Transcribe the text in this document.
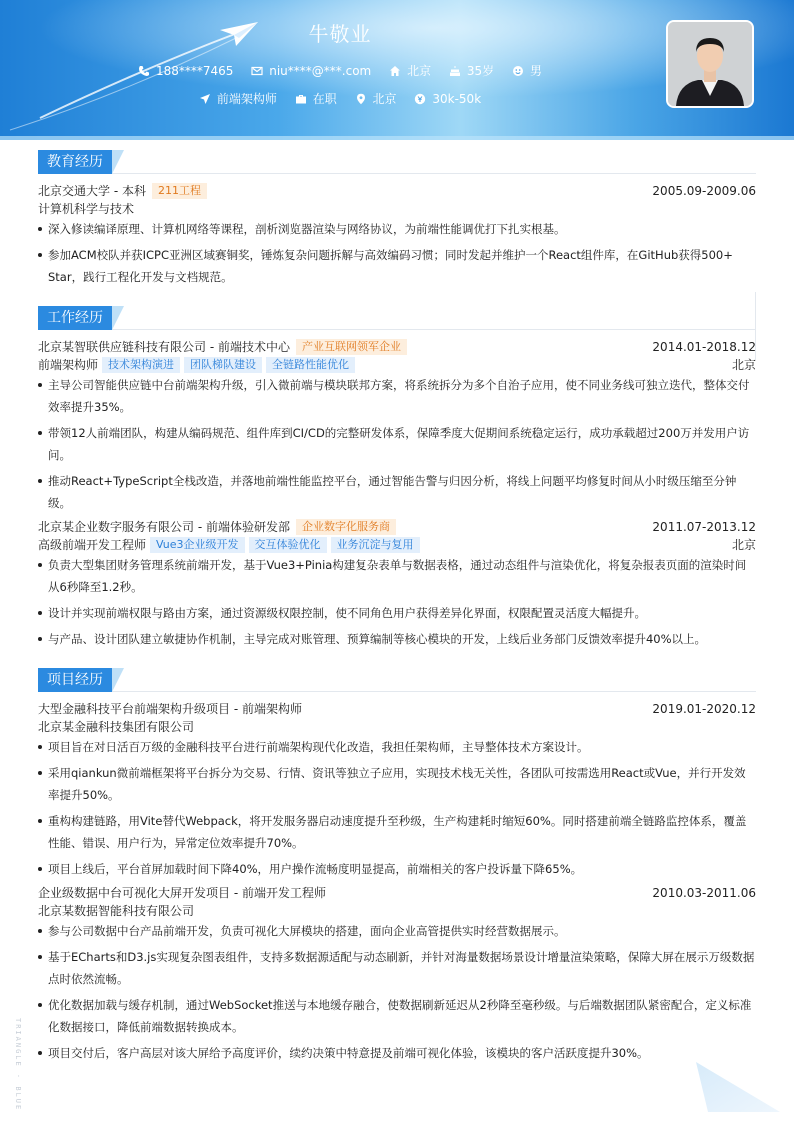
牛敬业
188****7465
	niu****@***.com
	北京
	35岁
	男
前端架构师
	在职
	北京
	30k-50k
教育经历
北京交通大学 - 本科 211工程	2005.09-2009.06
计算机科学与技术
深入修读编译原理、计算机网络等课程，剖析浏览器渲染与网络协议，为前端性能调优打下扎实根基。
参加ACM校队并获ICPC亚洲区域赛铜奖，锤炼复杂问题拆解与高效编码习惯；同时发起并维护一个React组件库，在GitHub获得500+ Star，践行工程化开发与文档规范。
工作经历
北京某智联供应链科技有限公司 - 前端技术中心 产业互联网领军企业	2014.01-2018.12
前端架构师 技术架构演进 团队梯队建设 全链路性能优化	北京
主导公司智能供应链中台前端架构升级，引入微前端与模块联邦方案，将系统拆分为多个自治子应用，使不同业务线可独立迭代，整体交付效率提升35%。
带领12人前端团队，构建从编码规范、组件库到CI/CD的完整研发体系，保障季度大促期间系统稳定运行，成功承载超过200万并发用户访问。
推动React+TypeScript全栈改造，并落地前端性能监控平台，通过智能告警与归因分析，将线上问题平均修复时间从小时级压缩至分钟级。
北京某企业数字服务有限公司 - 前端体验研发部 企业数字化服务商	2011.07-2013.12
高级前端开发工程师 Vue3企业级开发 交互体验优化 业务沉淀与复用	北京
负责大型集团财务管理系统前端开发，基于Vue3+Pinia构建复杂表单与数据表格，通过动态组件与渲染优化，将复杂报表页面的渲染时间从6秒降至1.2秒。
设计并实现前端权限与路由方案，通过资源级权限控制，使不同角色用户获得差异化界面，权限配置灵活度大幅提升。
与产品、设计团队建立敏捷协作机制，主导完成对账管理、预算编制等核心模块的开发，上线后业务部门反馈效率提升40%以上。
项目经历
大型金融科技平台前端架构升级项目 - 前端架构师	2019.01-2020.12
北京某金融科技集团有限公司
项目旨在对日活百万级的金融科技平台进行前端架构现代化改造，我担任架构师，主导整体技术方案设计。
采用qiankun微前端框架将平台拆分为交易、行情、资讯等独立子应用，实现技术栈无关性，各团队可按需选用React或Vue，并行开发效率提升50%。
重构构建链路，用Vite替代Webpack，将开发服务器启动速度提升至秒级，生产构建耗时缩短60%。同时搭建前端全链路监控体系，覆盖性能、错误、用户行为，异常定位效率提升70%。
项目上线后，平台首屏加载时间下降40%，用户操作流畅度明显提高，前端相关的客户投诉量下降65%。
企业级数据中台可视化大屏开发项目 - 前端开发工程师	2010.03-2011.06
北京某数据智能科技有限公司
参与公司数据中台产品前端开发，负责可视化大屏模块的搭建，面向企业高管提供实时经营数据展示。
基于ECharts和D3.js实现复杂图表组件，支持多数据源适配与动态刷新，并针对海量数据场景设计增量渲染策略，保障大屏在展示万级数据点时依然流畅。
优化数据加载与缓存机制，通过WebSocket推送与本地缓存融合，使数据刷新延迟从2秒降至毫秒级。与后端数据团队紧密配合，定义标准化数据接口，降低前端数据转换成本。
项目交付后，客户高层对该大屏给予高度评价，续约决策中特意提及前端可视化体验，该模块的客户活跃度提升30%。
TRIANGLE · BLUE
